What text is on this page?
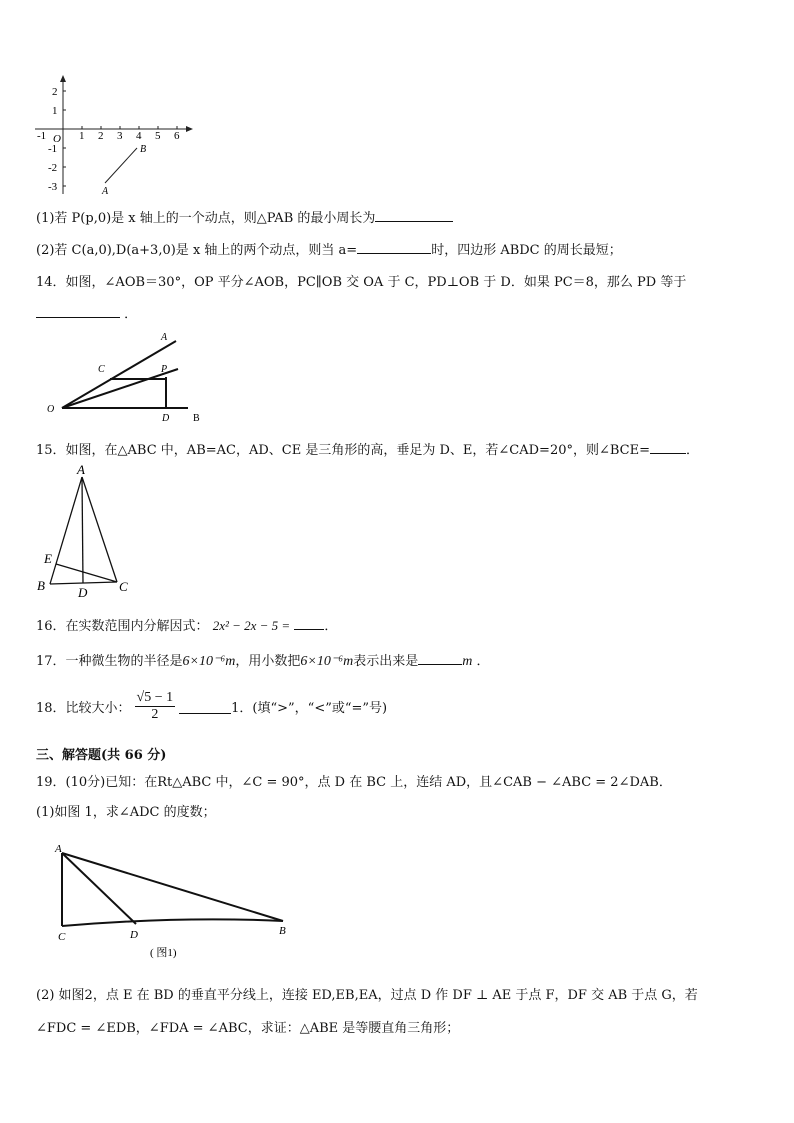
2
1
-1
-2
-3
-1 O 1 2 3 4 5 6
A
B
(1)若 P(p,0)是 x 轴上的一个动点，则△PAB 的最小周长为
(2)若 C(a,0),D(a+3,0)是 x 轴上的两个动点，则当 a=	时，四边形 ABDC 的周长最短；
14．如图，∠AOB＝30°，OP 平分∠AOB，PC∥OB 交 OA 于 C，PD⊥OB 于 D．如果 PC＝8，那么 PD 等于
．
A
C	P
O
D B
15．如图，在△ABC 中，AB=AC，AD、CE 是三角形的高，垂足为 D、E，若∠CAD=20°，则∠BCE=	．
A
E
B	D C
16．在实数范围内分解因式： 2x² − 2x − 5 =	．
17．一种微生物的半径是6×10⁻⁶m，用小数把6×10⁻⁶m表示出来是	m ．
18．比较大小： $\frac{√5 - 1}{2}$	1．(填“>”，“<”或“=”号)
三、解答题(共 66 分)
19．(10分)已知：在Rt△ABC 中，∠C = 90°，点 D 在 BC 上，连结 AD，且∠CAB − ∠ABC = 2∠DAB．
(1)如图 1，求∠ADC 的度数；
A
C	D	B
( 图1)
(2) 如图2，点 E 在 BD 的垂直平分线上，连接 ED,EB,EA，过点 D 作 DF ⊥ AE 于点 F，DF 交 AB 于点 G，若
∠FDC = ∠EDB，∠FDA = ∠ABC，求证：△ABE 是等腰直角三角形；
